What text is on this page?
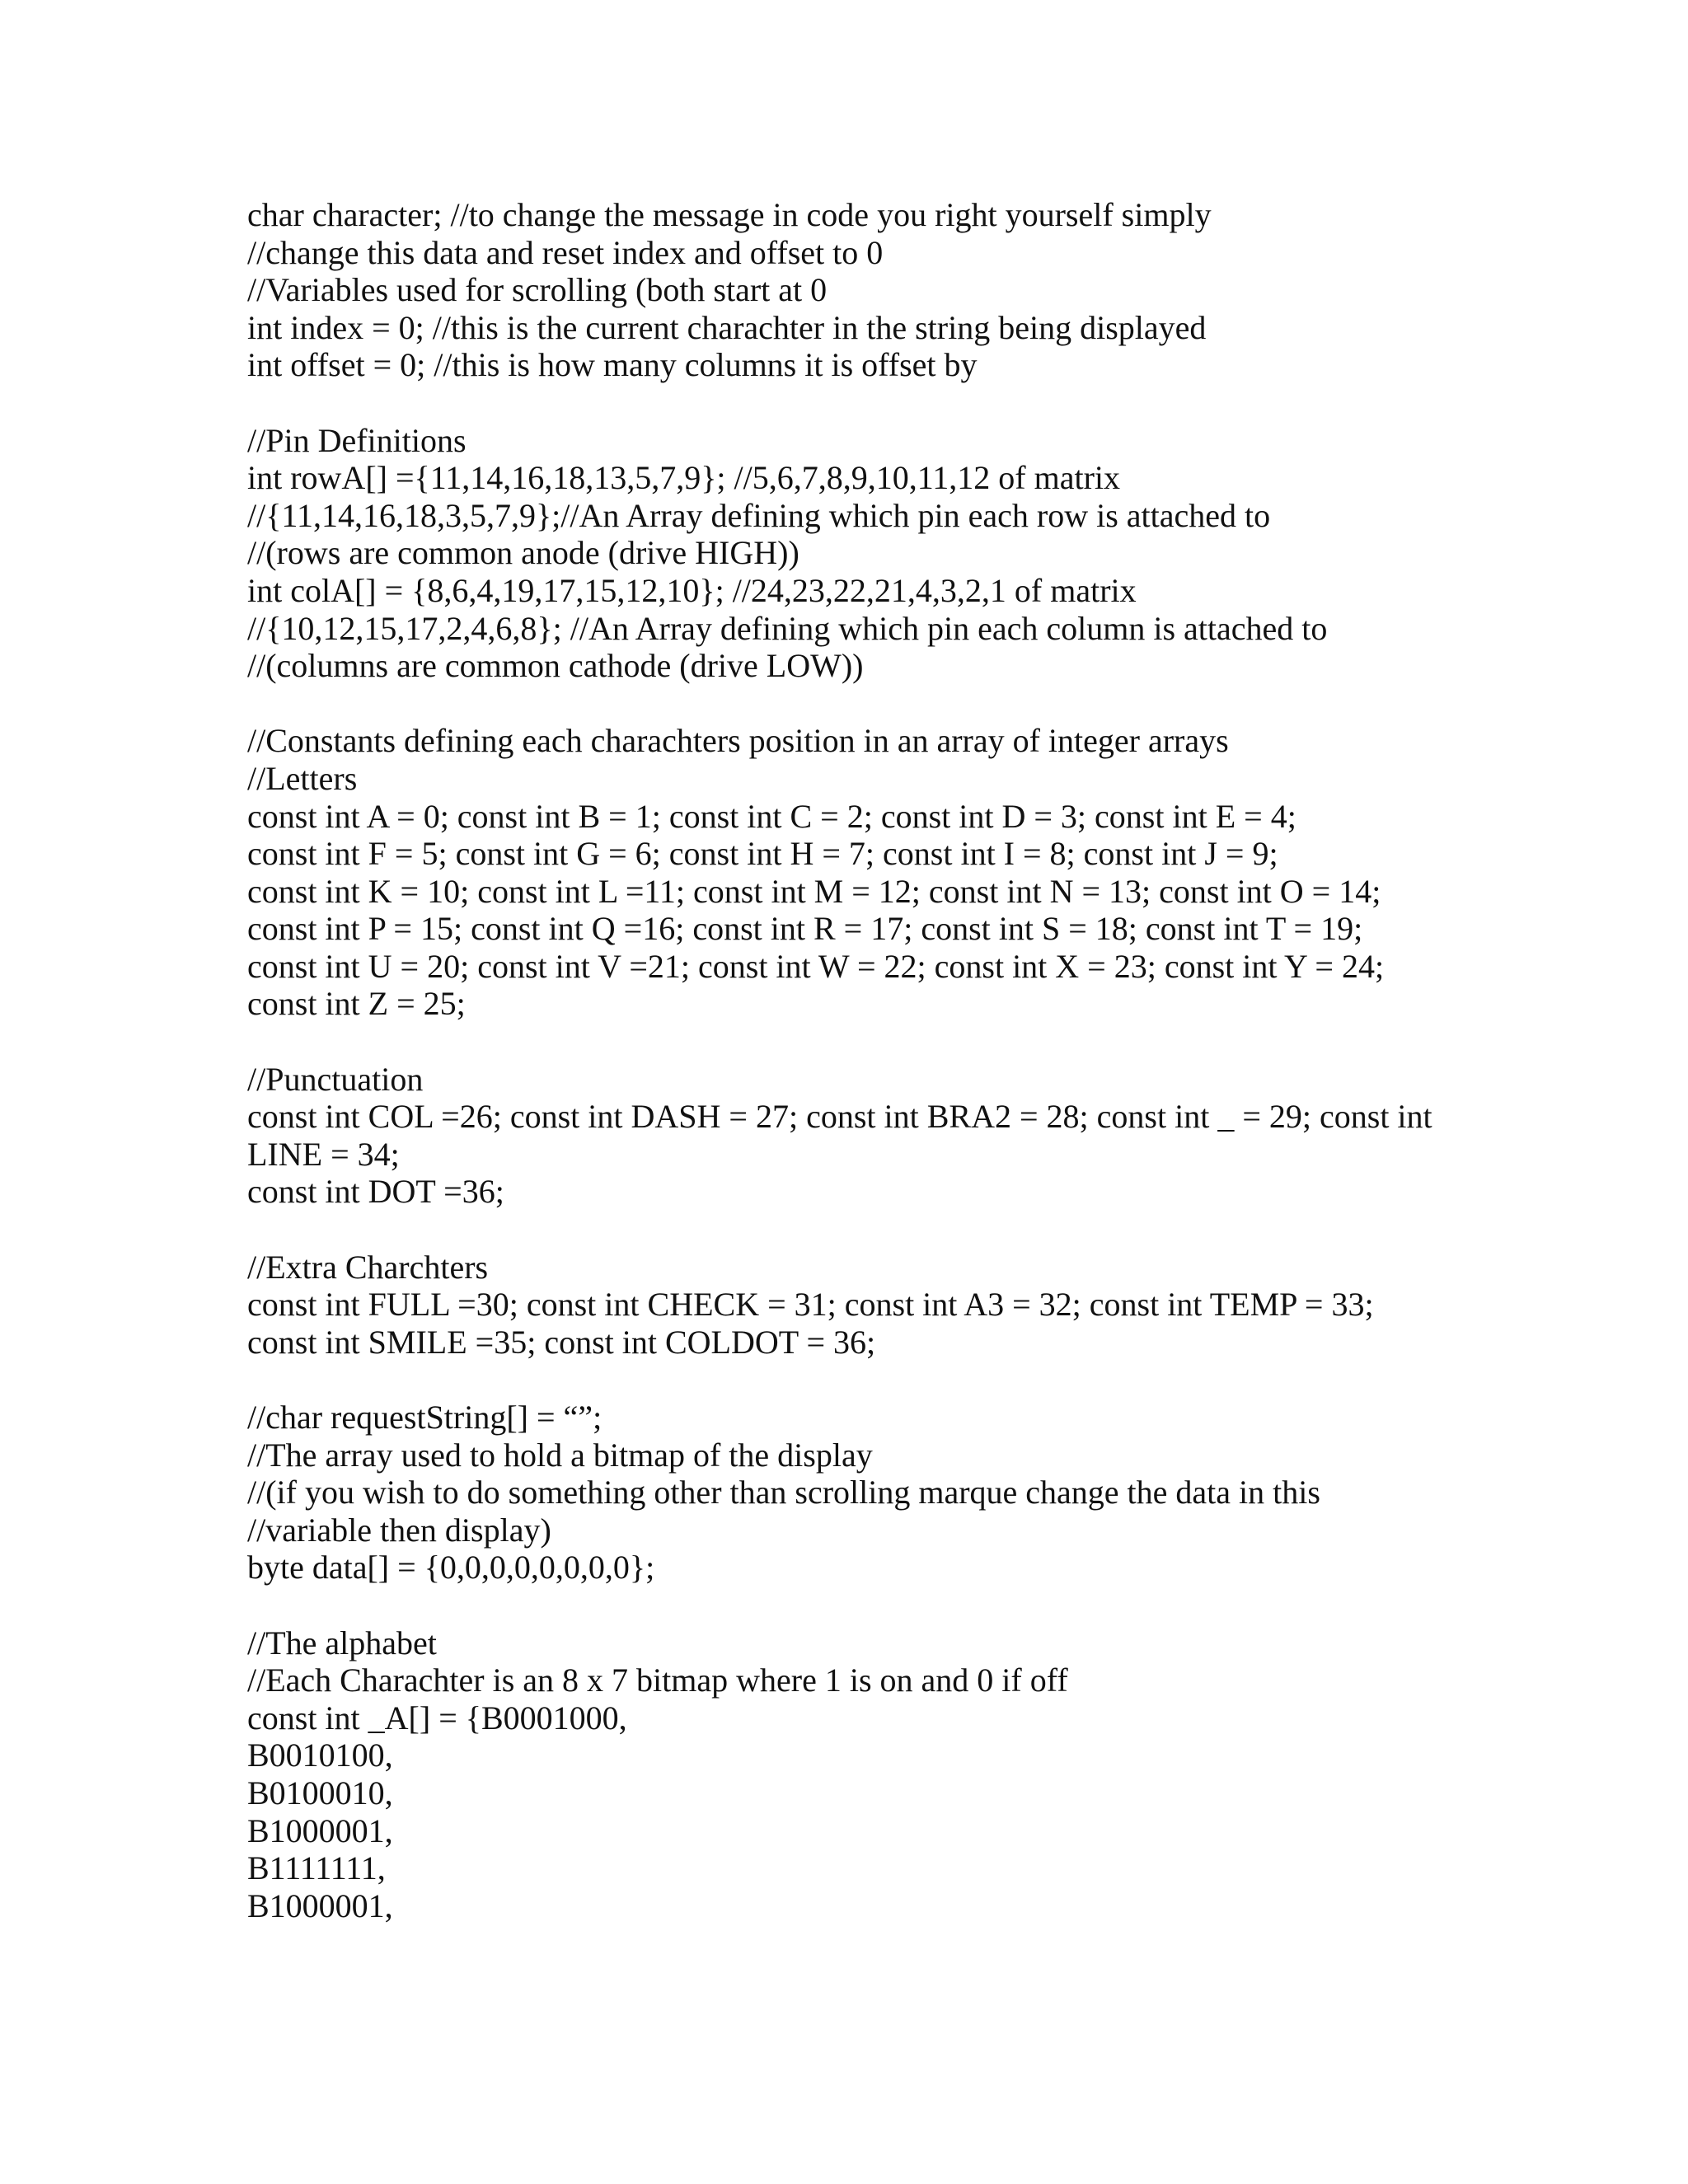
char character; //to change the message in code you right yourself simply
//change this data and reset index and offset to 0
//Variables used for scrolling (both start at 0
int index = 0; //this is the current charachter in the string being displayed
int offset = 0; //this is how many columns it is offset by
//Pin Definitions
int rowA[] ={11,14,16,18,13,5,7,9}; //5,6,7,8,9,10,11,12 of matrix
//{11,14,16,18,3,5,7,9};//An Array defining which pin each row is attached to
//(rows are common anode (drive HIGH))
int colA[] = {8,6,4,19,17,15,12,10}; //24,23,22,21,4,3,2,1 of matrix
//{10,12,15,17,2,4,6,8}; //An Array defining which pin each column is attached to
//(columns are common cathode (drive LOW))
//Constants defining each charachters position in an array of integer arrays
//Letters
const int A = 0; const int B = 1; const int C = 2; const int D = 3; const int E = 4;
const int F = 5; const int G = 6; const int H = 7; const int I = 8; const int J = 9;
const int K = 10; const int L =11; const int M = 12; const int N = 13; const int O = 14;
const int P = 15; const int Q =16; const int R = 17; const int S = 18; const int T = 19;
const int U = 20; const int V =21; const int W = 22; const int X = 23; const int Y = 24;
const int Z = 25;
//Punctuation
const int COL =26; const int DASH = 27; const int BRA2 = 28; const int _ = 29; const int
LINE = 34;
const int DOT =36;
//Extra Charchters
const int FULL =30; const int CHECK = 31; const int A3 = 32; const int TEMP = 33;
const int SMILE =35; const int COLDOT = 36;
//char requestString[] = “”;
//The array used to hold a bitmap of the display
//(if you wish to do something other than scrolling marque change the data in this
//variable then display)
byte data[] = {0,0,0,0,0,0,0,0};
//The alphabet
//Each Charachter is an 8 x 7 bitmap where 1 is on and 0 if off
const int _A[] = {B0001000,
B0010100,
B0100010,
B1000001,
B1111111,
B1000001,
